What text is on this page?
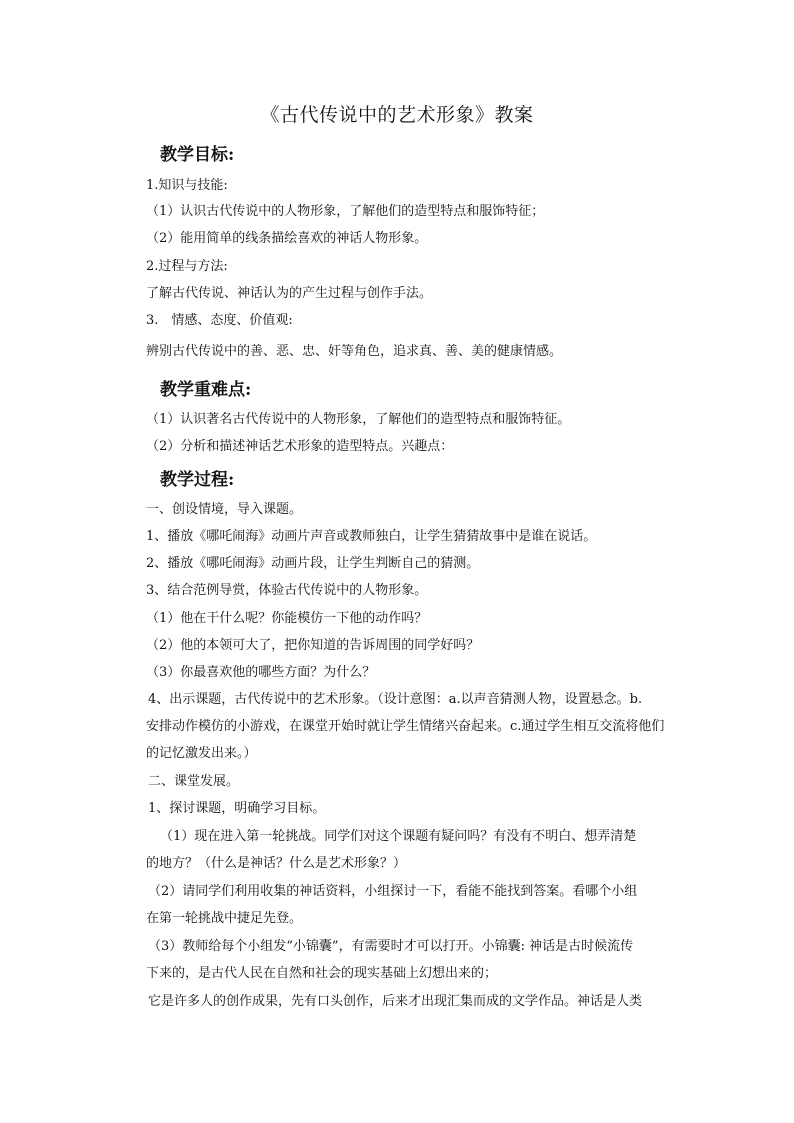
《古代传说中的艺术形象》教案
教学目标:
1.知识与技能:
（1）认识古代传说中的人物形象，了解他们的造型特点和服饰特征；
（2）能用简单的线条描绘喜欢的神话人物形象。
2.过程与方法:
了解古代传说、神话认为的产生过程与创作手法。
3.　情感、态度、价值观:
辨别古代传说中的善、恶、忠、奸等角色，追求真、善、美的健康情感。
教学重难点:
（1）认识著名古代传说中的人物形象，了解他们的造型特点和服饰特征。
（2）分析和描述神话艺术形象的造型特点。兴趣点：
教学过程:
一、创设情境，导入课题。
1、播放《哪吒闹海》动画片声音或教师独白，让学生猜猜故事中是谁在说话。
2、播放《哪吒闹海》动画片段，让学生判断自己的猜测。
3、结合范例导赏，体验古代传说中的人物形象。
（1）他在干什么呢？你能模仿一下他的动作吗？
（2）他的本领可大了，把你知道的告诉周围的同学好吗？
（3）你最喜欢他的哪些方面？为什么？
4、出示课题，古代传说中的艺术形象。（设计意图：a.以声音猜测人物，设置悬念。b.
安排动作模仿的小游戏，在课堂开始时就让学生情绪兴奋起来。c.通过学生相互交流将他们
的记忆激发出来。）
二、课堂发展。
1、探讨课题，明确学习目标。
（1）现在进入第一轮挑战。同学们对这个课题有疑问吗？有没有不明白、想弄清楚
的地方？（什么是神话？什么是艺术形象？）
（2）请同学们利用收集的神话资料，小组探讨一下，看能不能找到答案。看哪个小组
在第一轮挑战中捷足先登。
（3）教师给每个小组发“小锦囊”，有需要时才可以打开。小锦囊: 神话是古时候流传
下来的，是古代人民在自然和社会的现实基础上幻想出来的；
它是许多人的创作成果，先有口头创作，后来才出现汇集而成的文学作品。神话是人类
